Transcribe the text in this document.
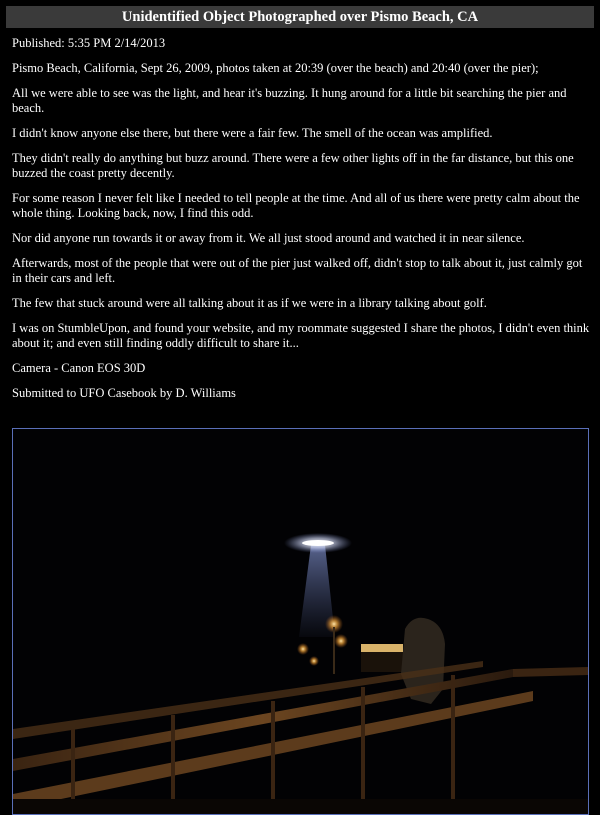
Unidentified Object Photographed over Pismo Beach, CA

Published: 5:35 PM 2/14/2013

Pismo Beach, California, Sept 26, 2009, photos taken at 20:39 (over the beach) and 20:40 (over the pier);

All we were able to see was the light, and hear it's buzzing. It hung around for a little bit searching the pier and beach.

I didn't know anyone else there, but there were a fair few. The smell of the ocean was amplified.

They didn't really do anything but buzz around. There were a few other lights off in the far distance, but this one buzzed the coast pretty decently.

For some reason I never felt like I needed to tell people at the time. And all of us there were pretty calm about the whole thing. Looking back, now, I find this odd.

Nor did anyone run towards it or away from it. We all just stood around and watched it in near silence.

Afterwards, most of the people that were out of the pier just walked off, didn't stop to talk about it, just calmly got in their cars and left.

The few that stuck around were all talking about it as if we were in a library talking about golf.

I was on StumbleUpon, and found your website, and my roommate suggested I share the photos, I didn't even think about it; and even still finding oddly difficult to share it...

Camera - Canon EOS 30D

Submitted to UFO Casebook by D. Williams
